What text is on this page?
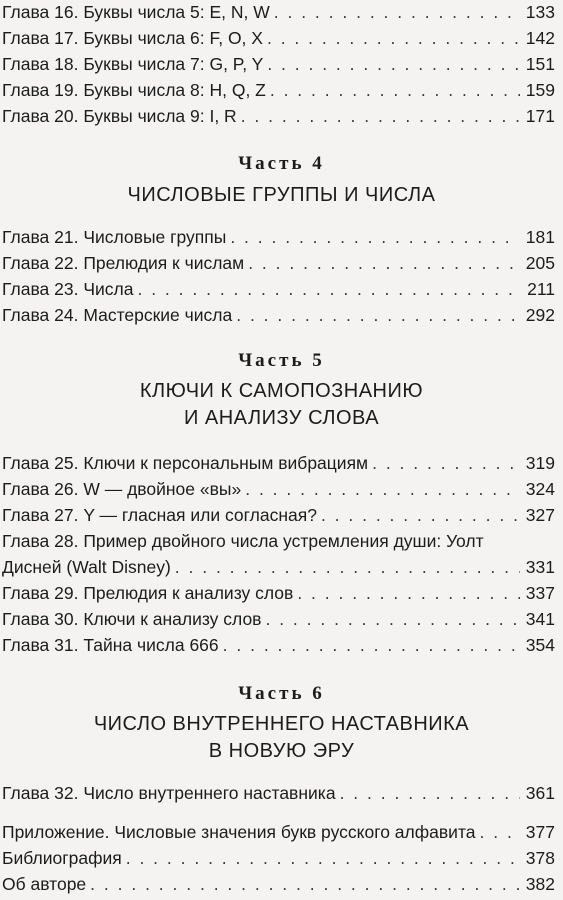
Глава 16. Буквы числа 5: E, N, W . . .	133
Глава 17. Буквы числа 6: F, O, X . . .	142
Глава 18. Буквы числа 7: G, P, Y . . .	151
Глава 19. Буквы числа 8: H, Q, Z . . .	159
Глава 20. Буквы числа 9: I, R . . .	171
Часть 4
ЧИСЛОВЫЕ ГРУППЫ И ЧИСЛА
Глава 21. Числовые группы . . .	181
Глава 22. Прелюдия к числам . . .	205
Глава 23. Числа . . .	211
Глава 24. Мастерские числа . . .	292
Часть 5
КЛЮЧИ К САМОПОЗНАНИЮ
И АНАЛИЗУ СЛОВА
Глава 25. Ключи к персональным вибрациям . . .	319
Глава 26. W — двойное «вы» . . .	324
Глава 27. Y — гласная или согласная? . . .	327
Глава 28. Пример двойного числа устремления души: Уолт
Дисней (Walt Disney) . . .	331
Глава 29. Прелюдия к анализу слов . . .	337
Глава 30. Ключи к анализу слов . . .	341
Глава 31. Тайна числа 666 . . .	354
Часть 6
ЧИСЛО ВНУТРЕННЕГО НАСТАВНИКА
В НОВУЮ ЭРУ
Глава 32. Число внутреннего наставника . . .	361
Приложение. Числовые значения букв русского алфавита . . .	377
Библиография . . .	378
Об авторе . . .	382
